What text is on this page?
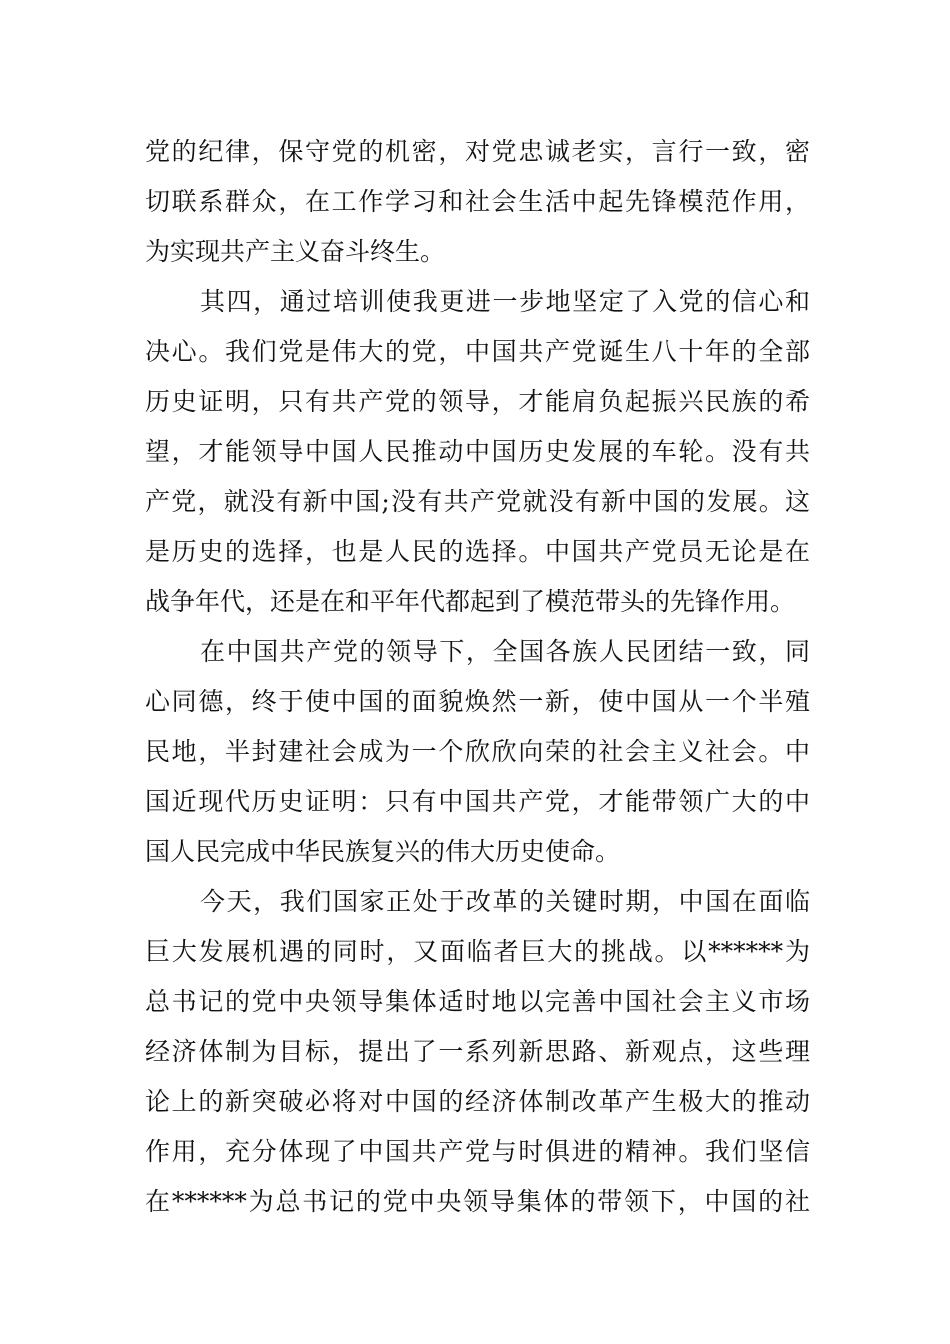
党的纪律，保守党的机密，对党忠诚老实，言行一致，密
切联系群众，在工作学习和社会生活中起先锋模范作用，
为实现共产主义奋斗终生。
其四，通过培训使我更进一步地坚定了入党的信心和
决心。我们党是伟大的党，中国共产党诞生八十年的全部
历史证明，只有共产党的领导，才能肩负起振兴民族的希
望，才能领导中国人民推动中国历史发展的车轮。没有共
产党，就没有新中国;没有共产党就没有新中国的发展。这
是历史的选择，也是人民的选择。中国共产党员无论是在
战争年代，还是在和平年代都起到了模范带头的先锋作用。
在中国共产党的领导下，全国各族人民团结一致，同
心同德，终于使中国的面貌焕然一新，使中国从一个半殖
民地，半封建社会成为一个欣欣向荣的社会主义社会。中
国近现代历史证明：只有中国共产党，才能带领广大的中
国人民完成中华民族复兴的伟大历史使命。
今天，我们国家正处于改革的关键时期，中国在面临
巨大发展机遇的同时，又面临者巨大的挑战。以******为
总书记的党中央领导集体适时地以完善中国社会主义市场
经济体制为目标，提出了一系列新思路、新观点，这些理
论上的新突破必将对中国的经济体制改革产生极大的推动
作用，充分体现了中国共产党与时俱进的精神。我们坚信
在******为总书记的党中央领导集体的带领下，中国的社
